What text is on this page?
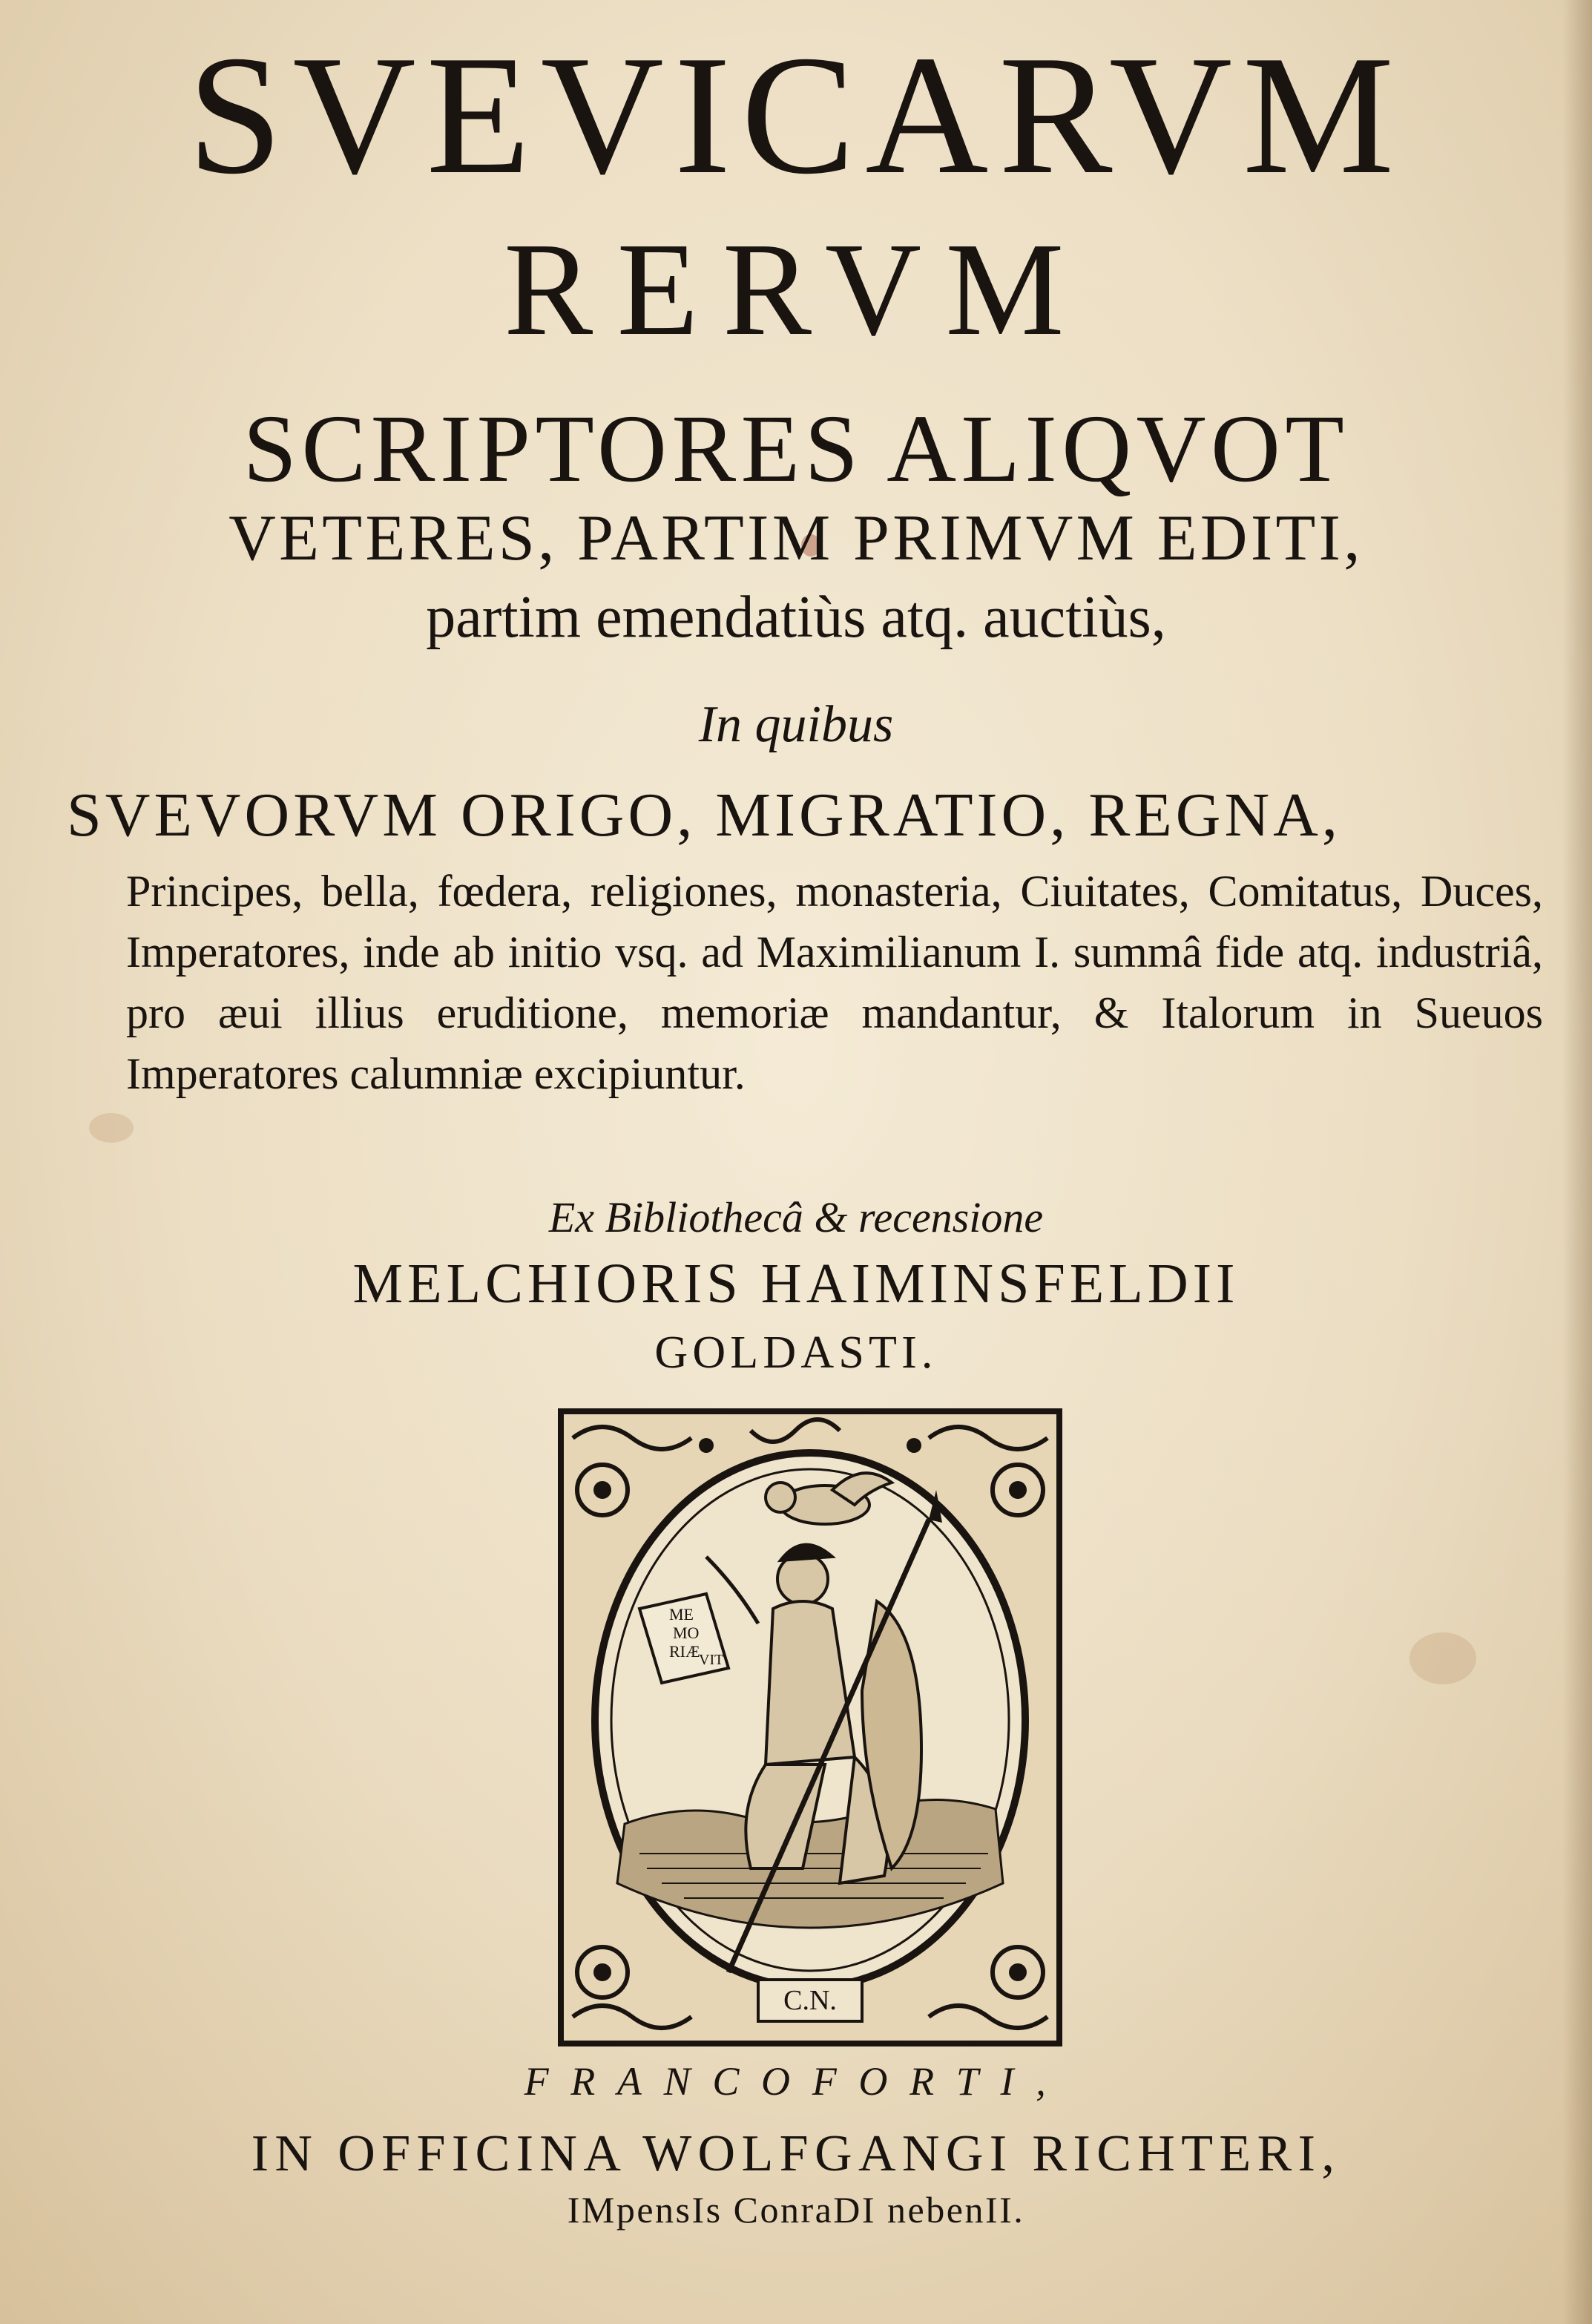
SVEVICARVM
RERVM
SCRIPTORES ALIQVOT
VETERES, PARTIM PRIMVM EDITI,
partim emendatiùs atq. auctiùs,
In quibus
SVEVORVM ORIGO, MIGRATIO, REGNA,
Principes, bella, fœdera, religiones, monasteria, Ciuitates, Comitatus, Duces, Imperatores, inde ab initio vsq. ad Maximilianum I. summâ fide atq. industriâ, pro æui illius eruditione, memoriæ mandantur, & Italorum in Sueuos Imperatores calumniæ excipiuntur.
Ex Bibliothecâ & recensione
MELCHIORIS HAIMINSFELDII
GOLDASTI.
ME
MO
RIÆ
VIT
C.N.
FRANCOFORTI,
IN OFFICINA WOLFGANGI RICHTERI,
IMpensIs ConraDI nebenII.
